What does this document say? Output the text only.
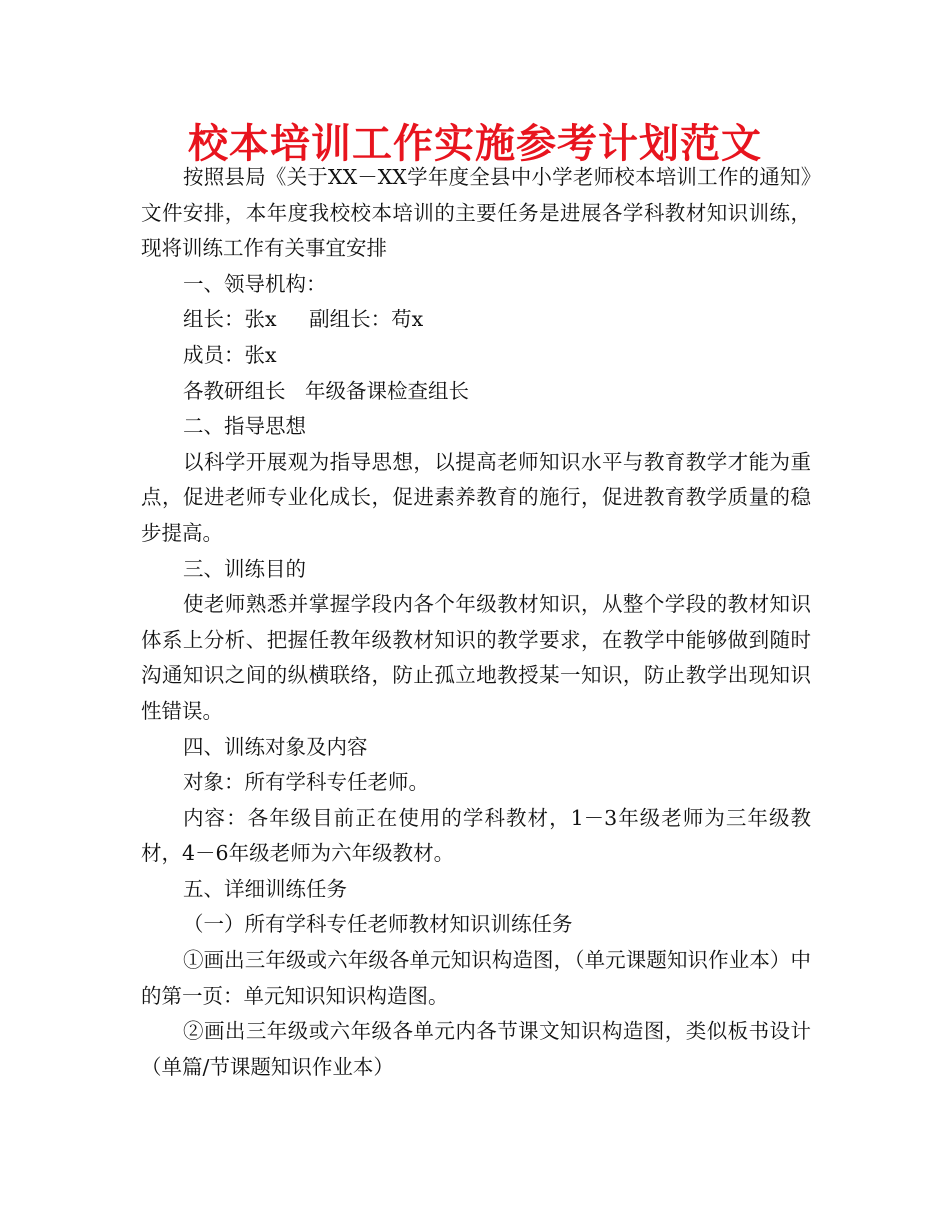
校本培训工作实施参考计划范文

按照县局《关于XX－XX学年度全县中小学老师校本培训工作的通知》文件安排，本年度我校校本培训的主要任务是进展各学科教材知识训练，现将训练工作有关事宜安排

一、领导机构：

组长：张x     副组长：苟x

成员：张x

各教研组长   年级备课检查组长

二、指导思想

以科学开展观为指导思想，以提高老师知识水平与教育教学才能为重点，促进老师专业化成长，促进素养教育的施行，促进教育教学质量的稳步提高。

三、训练目的

使老师熟悉并掌握学段内各个年级教材知识，从整个学段的教材知识体系上分析、把握任教年级教材知识的教学要求，在教学中能够做到随时沟通知识之间的纵横联络，防止孤立地教授某一知识，防止教学出现知识性错误。

四、训练对象及内容

对象：所有学科专任老师。

内容：各年级目前正在使用的学科教材，1－3年级老师为三年级教材，4－6年级老师为六年级教材。

五、详细训练任务

（一）所有学科专任老师教材知识训练任务

①画出三年级或六年级各单元知识构造图，（单元课题知识作业本）中的第一页：单元知识知识构造图。

②画出三年级或六年级各单元内各节课文知识构造图，类似板书设计（单篇/节课题知识作业本）
